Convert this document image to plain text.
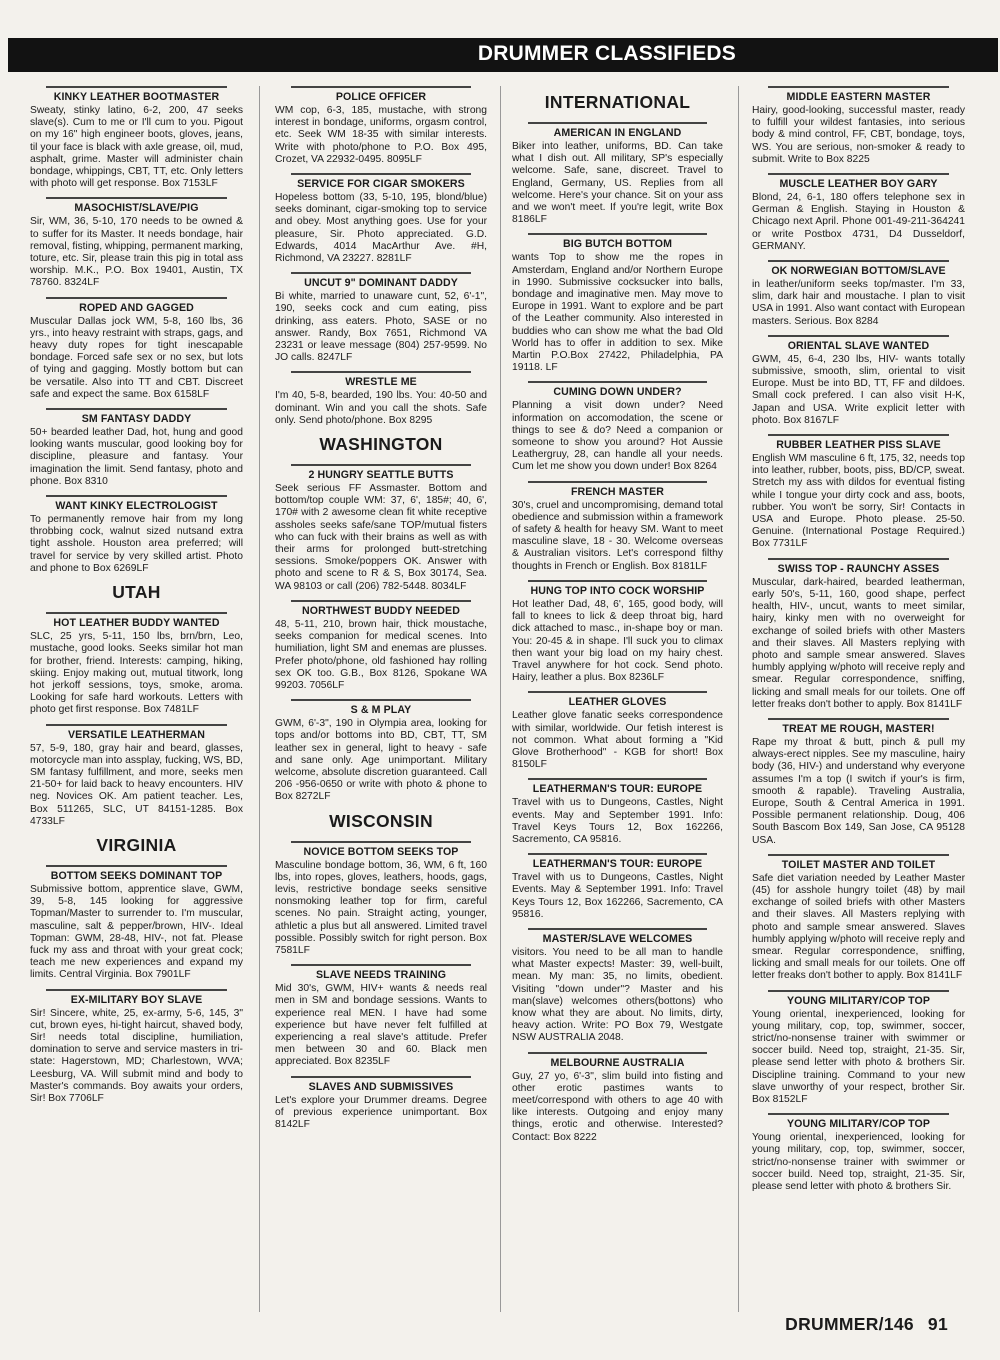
DRUMMER CLASSIFIEDS
KINKY LEATHER BOOTMASTER
Sweaty, stinky latino, 6-2, 200, 47 seeks slave(s). Cum to me or I'll cum to you. Pigout on my 16" high engineer boots, gloves, jeans, til your face is black with axle grease, oil, mud, asphalt, grime. Master will administer chain bondage, whippings, CBT, TT, etc. Only letters with photo will get response. Box 7153LF
MASOCHIST/SLAVE/PIG
Sir, WM, 36, 5-10, 170 needs to be owned & to suffer for its Master. It needs bondage, hair removal, fisting, whipping, permanent marking, toture, etc. Sir, please train this pig in total ass worship. M.K., P.O. Box 19401, Austin, TX 78760. 8324LF
ROPED AND GAGGED
Muscular Dallas jock WM, 5-8, 160 lbs, 36 yrs., into heavy restraint with straps, gags, and heavy duty ropes for tight inescapable bondage. Forced safe sex or no sex, but lots of tying and gagging. Mostly bottom but can be versatile. Also into TT and CBT. Discreet safe and expect the same. Box 6158LF
SM FANTASY DADDY
50+ bearded leather Dad, hot, hung and good looking wants muscular, good looking boy for discipline, pleasure and fantasy. Your imagination the limit. Send fantasy, photo and phone. Box 8310
WANT KINKY ELECTROLOGIST
To permanently remove hair from my long throbbing cock, walnut sized nutsand extra tight asshole. Houston area preferred; will travel for service by very skilled artist. Photo and phone to Box 6269LF
UTAH
HOT LEATHER BUDDY WANTED
SLC, 25 yrs, 5-11, 150 lbs, brn/brn, Leo, mustache, good looks. Seeks similar hot man for brother, friend. Interests: camping, hiking, skiing. Enjoy making out, mutual titwork, long hot jerkoff sessions, toys, smoke, aroma. Looking for safe hard workouts. Letters with photo get first response. Box 7481LF
VERSATILE LEATHERMAN
57, 5-9, 180, gray hair and beard, glasses, motorcycle man into assplay, fucking, WS, BD, SM fantasy fulfillment, and more, seeks men 21-50+ for laid back to heavy encounters. HIV neg. Novices OK. Am patient teacher. Les, Box 511265, SLC, UT 84151-1285. Box 4733LF
VIRGINIA
BOTTOM SEEKS DOMINANT TOP
Submissive bottom, apprentice slave, GWM, 39, 5-8, 145 looking for aggressive Topman/Master to surrender to. I'm muscular, masculine, salt & pepper/brown, HIV-. Ideal Topman: GWM, 28-48, HIV-, not fat. Please fuck my ass and throat with your great cock; teach me new experiences and expand my limits. Central Virginia. Box 7901LF
EX-MILITARY BOY SLAVE
Sir! Sincere, white, 25, ex-army, 5-6, 145, 3" cut, brown eyes, hi-tight haircut, shaved body, Sir! needs total discipline, humiliation, domination to serve and service masters in tri-state: Hagerstown, MD; Charlestown, WVA; Leesburg, VA. Will submit mind and body to Master's commands. Boy awaits your orders, Sir! Box 7706LF
POLICE OFFICER
WM cop, 6-3, 185, mustache, with strong interest in bondage, uniforms, orgasm control, etc. Seek WM 18-35 with similar interests. Write with photo/phone to P.O. Box 495, Crozet, VA 22932-0495. 8095LF
SERVICE FOR CIGAR SMOKERS
Hopeless bottom (33, 5-10, 195, blond/blue) seeks dominant, cigar-smoking top to service and obey. Most anything goes. Use for your pleasure, Sir. Photo appreciated. G.D. Edwards, 4014 MacArthur Ave. #H, Richmond, VA 23227. 8281LF
UNCUT 9" DOMINANT DADDY
Bi white, married to unaware cunt, 52, 6'-1", 190, seeks cock and cum eating, piss drinking, ass eaters. Photo, SASE or no answer. Randy, Box 7651, Richmond VA 23231 or leave message (804) 257-9599. No JO calls. 8247LF
WRESTLE ME
I'm 40, 5-8, bearded, 190 lbs. You: 40-50 and dominant. Win and you call the shots. Safe only. Send photo/phone. Box 8295
WASHINGTON
2 HUNGRY SEATTLE BUTTS
Seek serious FF Assmaster. Bottom and bottom/top couple WM: 37, 6', 185#; 40, 6', 170# with 2 awesome clean fit white receptive assholes seeks safe/sane TOP/mutual fisters who can fuck with their brains as well as with their arms for prolonged butt-stretching sessions. Smoke/poppers OK. Answer with photo and scene to R & S, Box 30174, Sea. WA 98103 or call (206) 782-5448. 8034LF
NORTHWEST BUDDY NEEDED
48, 5-11, 210, brown hair, thick moustache, seeks companion for medical scenes. Into humiliation, light SM and enemas are plusses. Prefer photo/phone, old fashioned hay rolling sex OK too. G.B., Box 8126, Spokane WA 99203. 7056LF
S & M PLAY
GWM, 6'-3", 190 in Olympia area, looking for tops and/or bottoms into BD, CBT, TT, SM leather sex in general, light to heavy - safe and sane only. Age unimportant. Military welcome, absolute discretion guaranteed. Call 206 -956-0650 or write with photo & phone to Box 8272LF
WISCONSIN
NOVICE BOTTOM SEEKS TOP
Masculine bondage bottom, 36, WM, 6 ft, 160 lbs, into ropes, gloves, leathers, hoods, gags, levis, restrictive bondage seeks sensitive nonsmoking leather top for firm, careful scenes. No pain. Straight acting, younger, athletic a plus but all answered. Limited travel possible. Possibly switch for right person. Box 7581LF
SLAVE NEEDS TRAINING
Mid 30's, GWM, HIV+ wants & needs real men in SM and bondage sessions. Wants to experience real MEN. I have had some experience but have never felt fulfilled at experiencing a real slave's attitude. Prefer men between 30 and 60. Black men appreciated. Box 8235LF
SLAVES AND SUBMISSIVES
Let's explore your Drummer dreams. Degree of previous experience unimportant. Box 8142LF
INTERNATIONAL
AMERICAN IN ENGLAND
Biker into leather, uniforms, BD. Can take what I dish out. All military, SP's especially welcome. Safe, sane, discreet. Travel to England, Germany, US. Replies from all welcome. Here's your chance. Sit on your ass and we won't meet. If you're legit, write Box 8186LF
BIG BUTCH BOTTOM
wants Top to show me the ropes in Amsterdam, England and/or Northern Europe in 1990. Submissive cocksucker into balls, bondage and imaginative men. May move to Europe in 1991. Want to explore and be part of the Leather community. Also interested in buddies who can show me what the bad Old World has to offer in addition to sex. Mike Martin P.O.Box 27422, Philadelphia, PA 19118. LF
CUMING DOWN UNDER?
Planning a visit down under? Need information on accomodation, the scene or things to see & do? Need a companion or someone to show you around? Hot Aussie Leathergruy, 28, can handle all your needs. Cum let me show you down under! Box 8264
FRENCH MASTER
30's, cruel and uncompromising, demand total obedience and submission within a framework of safety & health for heavy SM. Want to meet masculine slave, 18 - 30. Welcome overseas & Australian visitors. Let's correspond filthy thoughts in French or English. Box 8181LF
HUNG TOP INTO COCK WORSHIP
Hot leather Dad, 48, 6', 165, good body, will fall to knees to lick & deep throat big, hard dick attached to masc., in-shape boy or man. You: 20-45 & in shape. I'll suck you to climax then want your big load on my hairy chest. Travel anywhere for hot cock. Send photo. Hairy, leather a plus. Box 8236LF
LEATHER GLOVES
Leather glove fanatic seeks correspondence with similar, worldwide. Our fetish interest is not common. What about forming a "Kid Glove Brotherhood" - KGB for short! Box 8150LF
LEATHERMAN'S TOUR: EUROPE
Travel with us to Dungeons, Castles, Night events. May and September 1991. Info: Travel Keys Tours 12, Box 162266, Sacremento, CA 95816.
LEATHERMAN'S TOUR: EUROPE
Travel with us to Dungeons, Castles, Night Events. May & September 1991. Info: Travel Keys Tours 12, Box 162266, Sacremento, CA 95816.
MASTER/SLAVE WELCOMES
visitors. You need to be all man to handle what Master expects! Master: 39, well-built, mean. My man: 35, no limits, obedient. Visiting "down under"? Master and his man(slave) welcomes others(bottons) who know what they are about. No limits, dirty, heavy action. Write: PO Box 79, Westgate NSW AUSTRALIA 2048.
MELBOURNE AUSTRALIA
Guy, 27 yo, 6'-3", slim build into fisting and other erotic pastimes wants to meet/correspond with others to age 40 with like interests. Outgoing and enjoy many things, erotic and otherwise. Interested? Contact: Box 8222
MIDDLE EASTERN MASTER
Hairy, good-looking, successful master, ready to fulfill your wildest fantasies, into serious body & mind control, FF, CBT, bondage, toys, WS. You are serious, non-smoker & ready to submit. Write to Box 8225
MUSCLE LEATHER BOY GARY
Blond, 24, 6-1, 180 offers telephone sex in German & English. Staying in Houston & Chicago next April. Phone 001-49-211-364241 or write Postbox 4731, D4 Dusseldorf, GERMANY.
OK NORWEGIAN BOTTOM/SLAVE
in leather/uniform seeks top/master. I'm 33, slim, dark hair and moustache. I plan to visit USA in 1991. Also want contact with European masters. Serious. Box 8284
ORIENTAL SLAVE WANTED
GWM, 45, 6-4, 230 lbs, HIV- wants totally submissive, smooth, slim, oriental to visit Europe. Must be into BD, TT, FF and dildoes. Small cock prefered. I can also visit H-K, Japan and USA. Write explicit letter with photo. Box 8167LF
RUBBER LEATHER PISS SLAVE
English WM masculine 6 ft, 175, 32, needs top into leather, rubber, boots, piss, BD/CP, sweat. Stretch my ass with dildos for eventual fisting while I tongue your dirty cock and ass, boots, rubber. You won't be sorry, Sir! Contacts in USA and Europe. Photo please. 25-50. Genuine. (International Postage Required.) Box 7731LF
SWISS TOP - RAUNCHY ASSES
Muscular, dark-haired, bearded leatherman, early 50's, 5-11, 160, good shape, perfect health, HIV-, uncut, wants to meet similar, hairy, kinky men with no overweight for exchange of soiled briefs with other Masters and their slaves. All Masters replying with photo and sample smear answered. Slaves humbly applying w/photo will receive reply and smear. Regular correspondence, sniffing, licking and small meals for our toilets. One off letter freaks don't bother to apply. Box 8141LF
TREAT ME ROUGH, MASTER!
Rape my throat & butt, pinch & pull my always-erect nipples. See my masculine, hairy body (36, HIV-) and understand why everyone assumes I'm a top (I switch if your's is firm, smooth & rapable). Traveling Australia, Europe, South & Central America in 1991. Possible permanent relationship. Doug, 406 South Bascom Box 149, San Jose, CA 95128 USA.
TOILET MASTER AND TOILET
Safe diet variation needed by Leather Master (45) for asshole hungry toilet (48) by mail exchange of soiled briefs with other Masters and their slaves. All Masters replying with photo and sample smear answered. Slaves humbly applying w/photo will receive reply and smear. Regular correspondence, sniffing, licking and small meals for our toilets. One off letter freaks don't bother to apply. Box 8141LF
YOUNG MILITARY/COP TOP
Young oriental, inexperienced, looking for young military, cop, top, swimmer, soccer, strict/no-nonsense trainer with swimmer or soccer build. Need top, straight, 21-35. Sir, please send letter with photo & brothers Sir. Discipline training. Command to your new slave unworthy of your respect, brother Sir. Box 8152LF
YOUNG MILITARY/COP TOP
Young oriental, inexperienced, looking for young military, cop, top, swimmer, soccer, strict/no-nonsense trainer with swimmer or soccer build. Need top, straight, 21-35. Sir, please send letter with photo & brothers Sir.
DRUMMER/146 91
